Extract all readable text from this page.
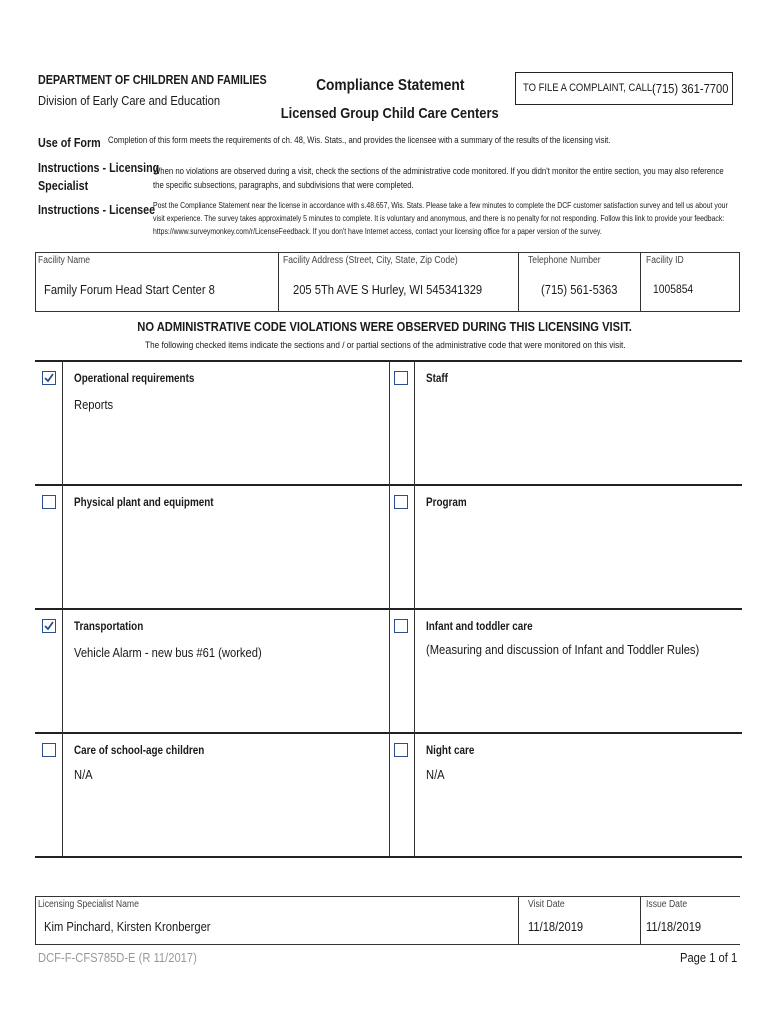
DEPARTMENT OF CHILDREN AND FAMILIES
Division of Early Care and Education
Compliance Statement
Licensed Group Child Care Centers
TO FILE A COMPLAINT, CALL:
(715) 361-7700
Use of Form Completion of this form meets the requirements of ch. 48, Wis. Stats., and provides the licensee with a summary of the results of the licensing visit.
Instructions - Licensing
Specialist
When no violations are observed during a visit, check the sections of the administrative code monitored. If you didn't monitor the entire section, you may also reference
the specific subsections, paragraphs, and subdivisions that were completed.
Instructions - Licensee
Post the Compliance Statement near the license in accordance with s.48.657, Wis. Stats. Please take a few minutes to complete the DCF customer satisfaction survey and tell us about your
visit experience. The survey takes approximately 5 minutes to complete. It is voluntary and anonymous, and there is no penalty for not responding. Follow this link to provide your feedback:
https://www.surveymonkey.com/r/LicenseFeedback. If you don't have Internet access, contact your licensing office for a paper version of the survey.
Facility Name
Family Forum Head Start Center 8
Facility Address (Street, City, State, Zip Code)
205 5Th AVE S Hurley, WI 545341329
Telephone Number
(715) 561-5363
Facility ID
1005854
NO ADMINISTRATIVE CODE VIOLATIONS WERE OBSERVED DURING THIS LICENSING VISIT.
The following checked items indicate the sections and / or partial sections of the administrative code that were monitored on this visit.
Operational requirements
Reports
Staff
Physical plant and equipment	Program
Transportation
Vehicle Alarm - new bus #61 (worked)
Infant and toddler care
(Measuring and discussion of Infant and Toddler Rules)
Care of school-age children
N/A
Night care
N/A
Licensing Specialist Name
Kim Pinchard, Kirsten Kronberger
Visit Date
11/18/2019
Issue Date
11/18/2019
DCF-F-CFS785D-E (R 11/2017)	Page 1 of 1
